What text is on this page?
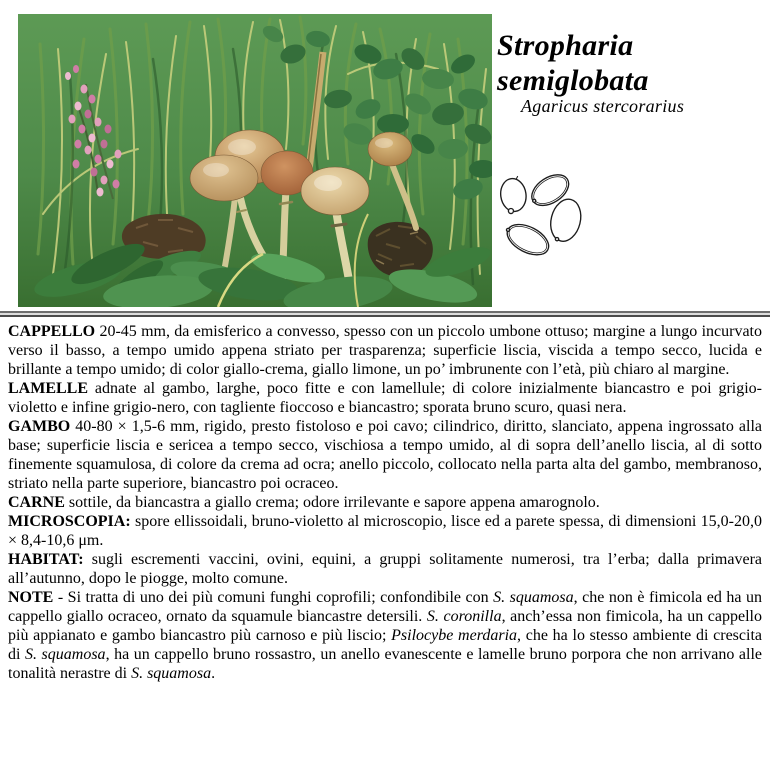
Stropharia semiglobata
Agaricus stercorarius

CAPPELLO 20-45 mm, da emisferico a convesso, spesso con un piccolo umbone ottuso; margine a lungo incurvato verso il basso, a tempo umido appena striato per trasparenza; superficie liscia, viscida a tempo secco, lucida e brillante a tempo umido; di color giallo-crema, giallo limone, un po’ imbrunente con l’età, più chiaro al margine.

LAMELLE adnate al gambo, larghe, poco fitte e con lamellule; di colore inizialmente biancastro e poi grigio-violetto e infine grigio-nero, con tagliente fioccoso e biancastro; sporata bruno scuro, quasi nera.

GAMBO 40-80 × 1,5-6 mm, rigido, presto fistoloso e poi cavo; cilindrico, diritto, slanciato, appena ingrossato alla base; superficie liscia e sericea a tempo secco, vischiosa a tempo umido, al di sopra dell’anello liscia, al di sotto finemente squamulosa, di colore da crema ad ocra; anello piccolo, collocato nella parta alta del gambo, membranoso, striato nella parte superiore, biancastro poi ocraceo.

CARNE sottile, da biancastra a giallo crema; odore irrilevante e sapore appena amarognolo.

MICROSCOPIA: spore ellissoidali, bruno-violetto al microscopio, lisce ed a parete spessa, di dimensioni 15,0-20,0 × 8,4-10,6 μm.

HABITAT: sugli escrementi vaccini, ovini, equini, a gruppi solitamente numerosi, tra l’erba; dalla primavera all’autunno, dopo le piogge, molto comune.

NOTE - Si tratta di uno dei più comuni funghi coprofili; confondibile con S. squamosa, che non è fimicola ed ha un cappello giallo ocraceo, ornato da squamule biancastre detersili. S. coronilla, anch’essa non fimicola, ha un cappello più appianato e gambo biancastro più carnoso e più liscio; Psilocybe merdaria, che ha lo stesso ambiente di crescita di S. squamosa, ha un cappello bruno rossastro, un anello evanescente e lamelle bruno porpora che non arrivano alle tonalità nerastre di S. squamosa.
